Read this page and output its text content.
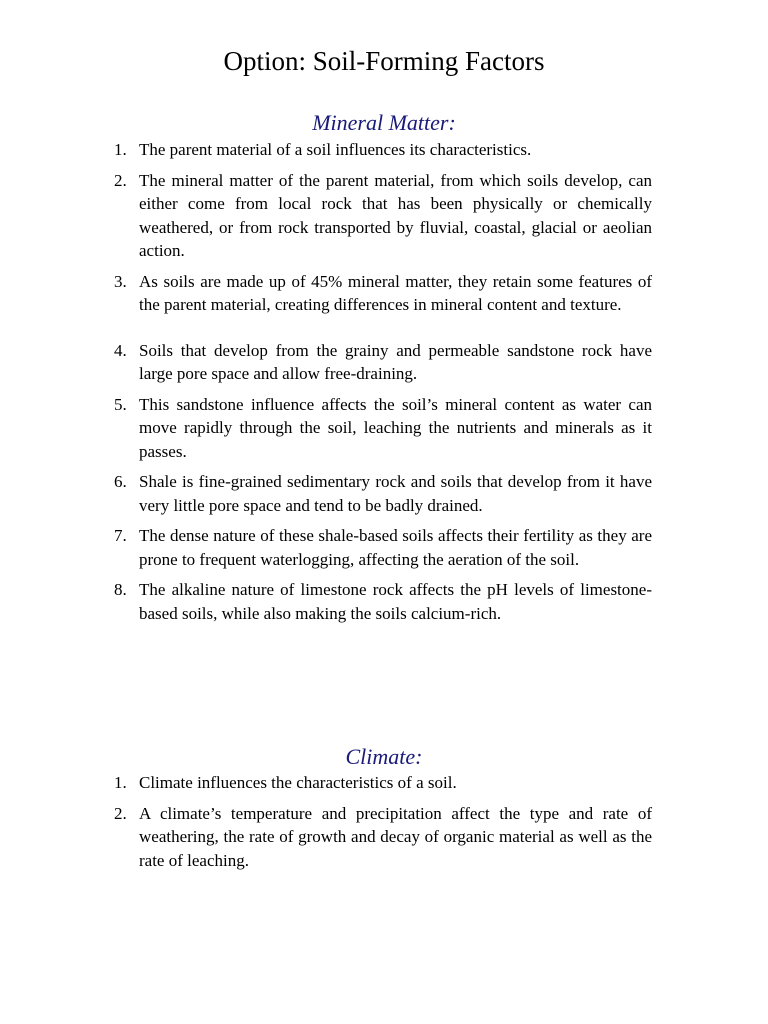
Option: Soil-Forming Factors
Mineral Matter:
1. The parent material of a soil influences its characteristics.
2. The mineral matter of the parent material, from which soils develop, can either come from local rock that has been physically or chemically weathered, or from rock transported by fluvial, coastal, glacial or aeolian action.
3. As soils are made up of 45% mineral matter, they retain some features of the parent material, creating differences in mineral content and texture.
4. Soils that develop from the grainy and permeable sandstone rock have large pore space and allow free-draining.
5. This sandstone influence affects the soil’s mineral content as water can move rapidly through the soil, leaching the nutrients and minerals as it passes.
6. Shale is fine-grained sedimentary rock and soils that develop from it have very little pore space and tend to be badly drained.
7. The dense nature of these shale-based soils affects their fertility as they are prone to frequent waterlogging, affecting the aeration of the soil.
8. The alkaline nature of limestone rock affects the pH levels of limestone-based soils, while also making the soils calcium-rich.
Climate:
1. Climate influences the characteristics of a soil.
2. A climate’s temperature and precipitation affect the type and rate of weathering, the rate of growth and decay of organic material as well as the rate of leaching.
